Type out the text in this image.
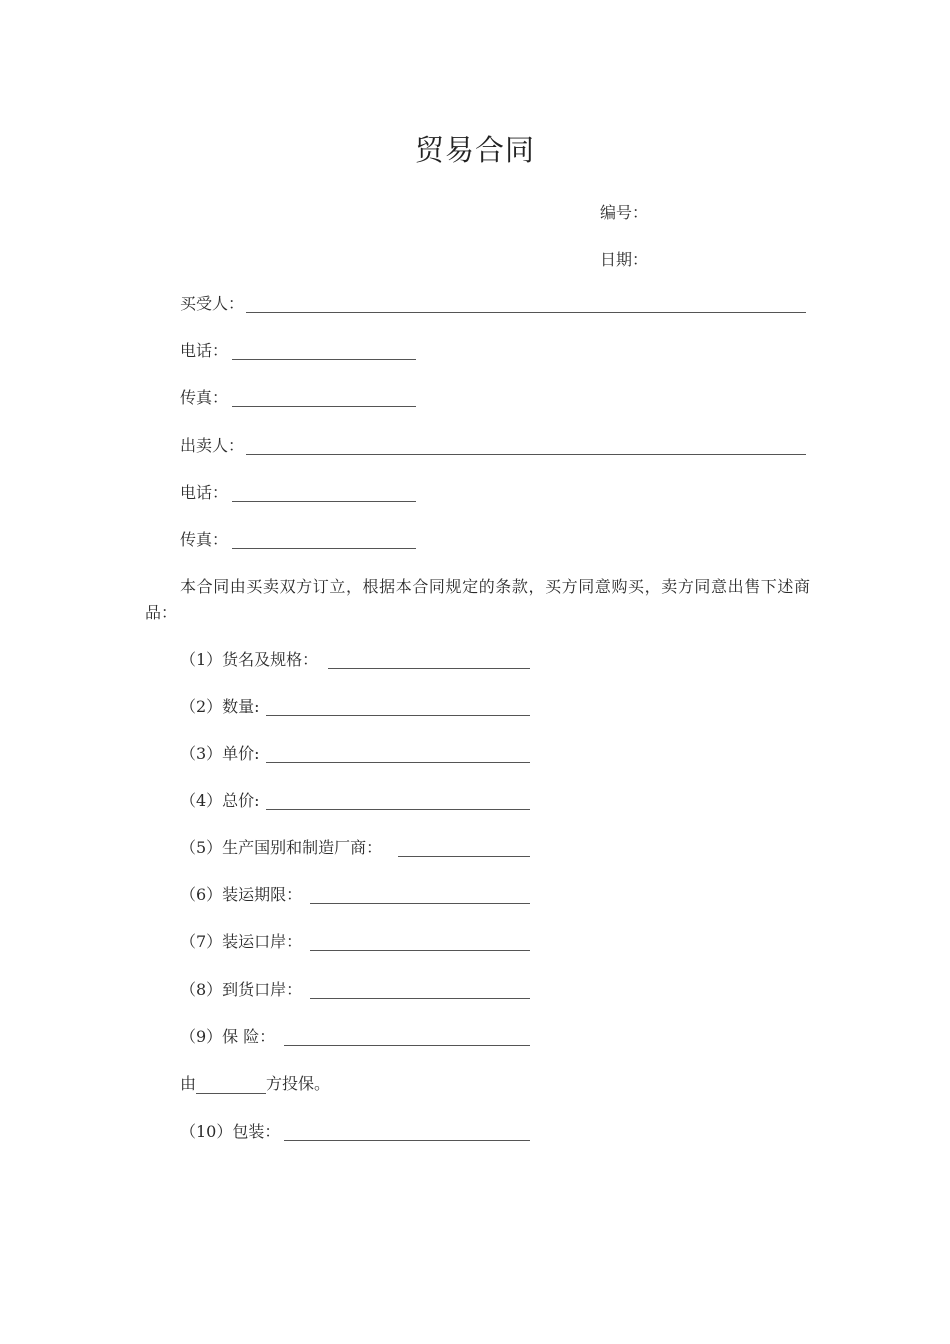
贸易合同
编号：
日期：
买受人：
电话：
传真：
出卖人：
电话：
传真：
本合同由买卖双方订立，根据本合同规定的条款，买方同意购买，卖方同意出售下述商品：
（1）货名及规格：
（2）数量:
（3）单价:
（4）总价:
（5）生产国别和制造厂商：
（6）装运期限：
（7）装运口岸：
（8）到货口岸：
（9）保 险：
由	方投保。
（10）包装：
